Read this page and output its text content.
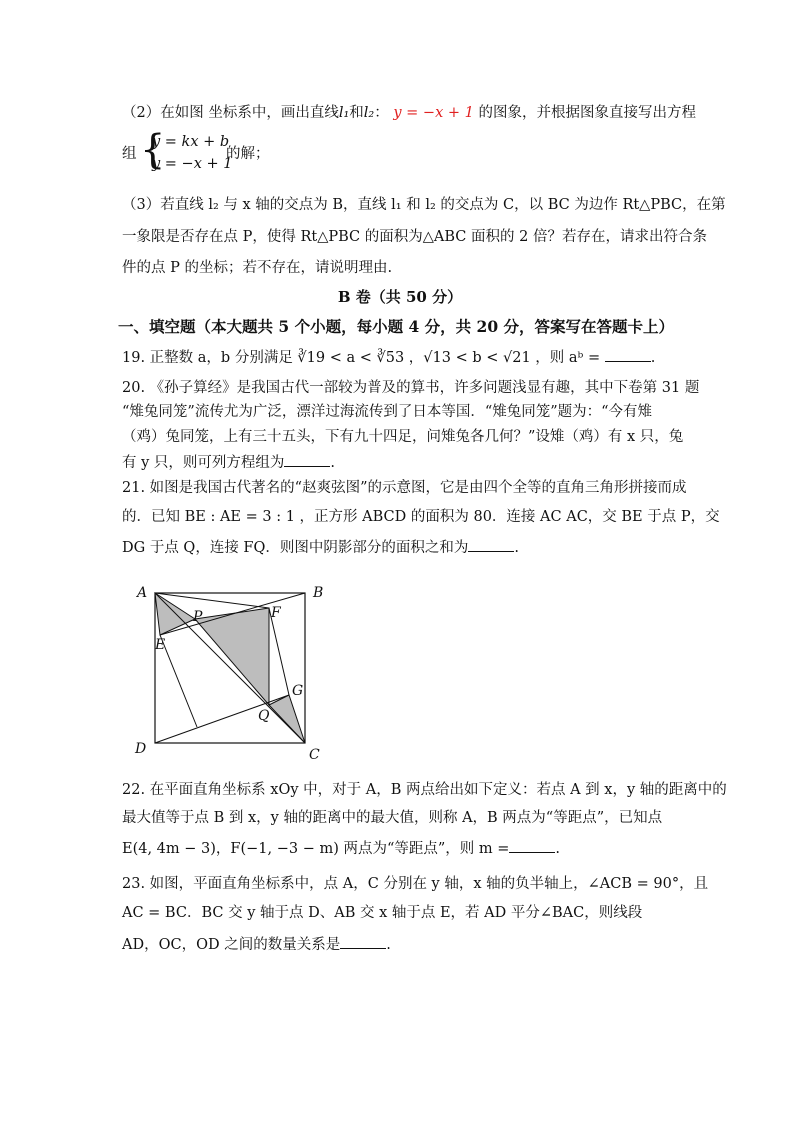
（2）在如图 坐标系中，画出直线l₁和l₂： y = −x + 1 的图象，并根据图象直接写出方程
组 {
y = kx + b
y = −x + 1
的解；
（3）若直线 l₂ 与 x 轴的交点为 B，直线 l₁ 和 l₂ 的交点为 C，以 BC 为边作 Rt△PBC，在第
一象限是否存在点 P，使得 Rt△PBC 的面积为△ABC 面积的 2 倍？若存在，请求出符合条
件的点 P 的坐标；若不存在，请说明理由.
B 卷（共 50 分）
一、填空题（本大题共 5 个小题，每小题 4 分，共 20 分，答案写在答题卡上）
19. 正整数 a，b 分别满足 ∛19 < a < ∛53 ，√13 < b < √21 ，则 aᵇ =	.
20. 《孙子算经》是我国古代一部较为普及的算书，许多问题浅显有趣，其中下卷第 31 题
“雉兔同笼”流传尤为广泛，漂洋过海流传到了日本等国．“雉兔同笼”题为：“今有雉
（鸡）兔同笼，上有三十五头，下有九十四足，问雉兔各几何？”设雉（鸡）有 x 只，兔
有 y 只，则可列方程组为	.
21. 如图是我国古代著名的“赵爽弦图”的示意图，它是由四个全等的直角三角形拼接而成
的．已知 BE : AE = 3 : 1 ，正方形 ABCD 的面积为 80．连接 AC AC，交 BE 于点 P，交
DG 于点 Q，连接 FQ．则图中阴影部分的面积之和为	.
A	B
C
D
E
F
G
P
Q
22. 在平面直角坐标系 xOy 中，对于 A，B 两点给出如下定义：若点 A 到 x，y 轴的距离中的
最大值等于点 B 到 x，y 轴的距离中的最大值，则称 A，B 两点为“等距点”，已知点
E(4, 4m − 3)，F(−1, −3 − m) 两点为“等距点”，则 m =	.
23. 如图，平面直角坐标系中，点 A，C 分别在 y 轴，x 轴的负半轴上，∠ACB = 90°，且
AC = BC．BC 交 y 轴于点 D、AB 交 x 轴于点 E，若 AD 平分∠BAC，则线段
AD，OC，OD 之间的数量关系是	.
